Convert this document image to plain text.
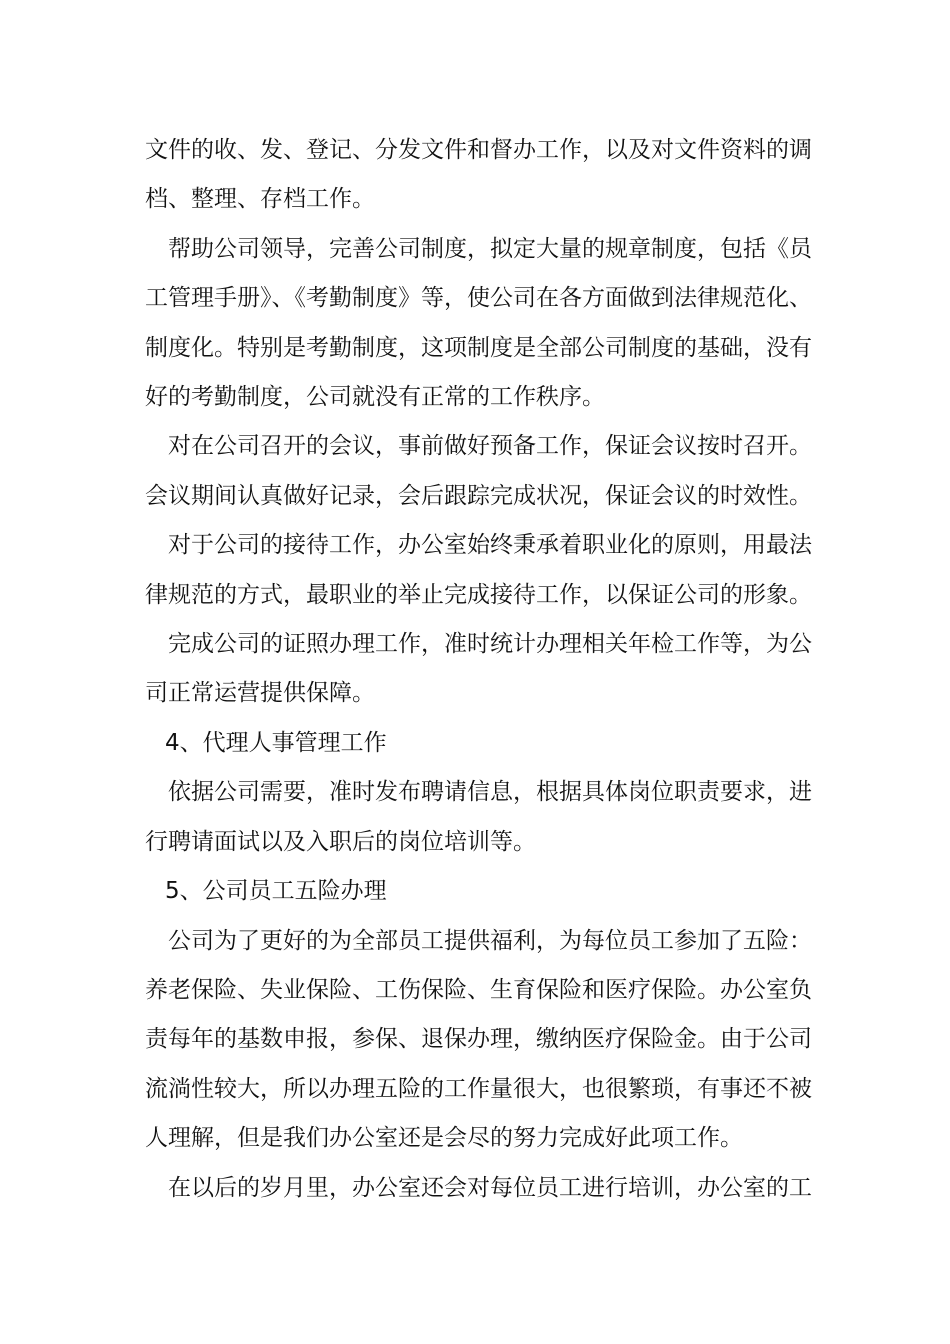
文件的收、发、登记、分发文件和督办工作，以及对文件资料的调

档、整理、存档工作。

帮助公司领导，完善公司制度，拟定大量的规章制度，包括《员

工管理手册》、《考勤制度》等，使公司在各方面做到法律规范化、

制度化。特别是考勤制度，这项制度是全部公司制度的基础，没有

好的考勤制度，公司就没有正常的工作秩序。

对在公司召开的会议，事前做好预备工作，保证会议按时召开。

会议期间认真做好记录，会后跟踪完成状况，保证会议的时效性。

对于公司的接待工作，办公室始终秉承着职业化的原则，用最法

律规范的方式，最职业的举止完成接待工作，以保证公司的形象。

完成公司的证照办理工作，准时统计办理相关年检工作等，为公

司正常运营提供保障。

4、代理人事管理工作

依据公司需要，准时发布聘请信息，根据具体岗位职责要求，进

行聘请面试以及入职后的岗位培训等。

5、公司员工五险办理

公司为了更好的为全部员工提供福利，为每位员工参加了五险：

养老保险、失业保险、工伤保险、生育保险和医疗保险。办公室负

责每年的基数申报，参保、退保办理，缴纳医疗保险金。由于公司

流淌性较大，所以办理五险的工作量很大，也很繁琐，有事还不被

人理解，但是我们办公室还是会尽的努力完成好此项工作。

在以后的岁月里，办公室还会对每位员工进行培训，办公室的工
